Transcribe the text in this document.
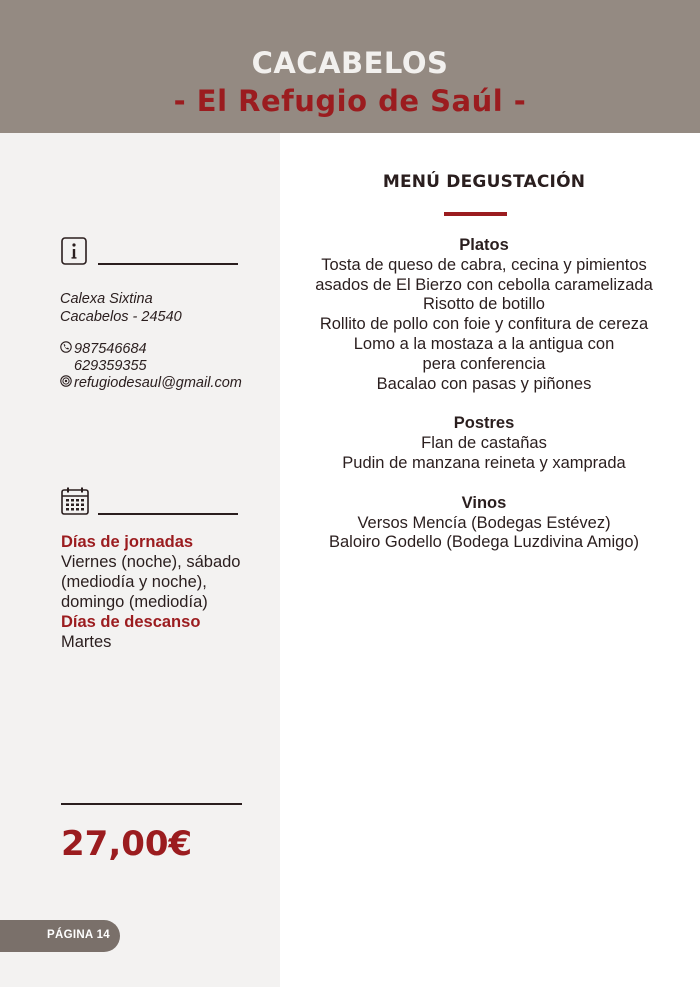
CACABELOS
- El Refugio de Saúl -
Calexa Sixtina
Cacabelos - 24540
987546684
629359355
refugiodesaul@gmail.com
Días de jornadas
Viernes (noche), sábado (mediodía y noche), domingo (mediodía)
Días de descanso
Martes
27,00€
PÁGINA 14
MENÚ DEGUSTACIÓN
Platos
Tosta de queso de cabra, cecina y pimientos asados de El Bierzo con cebolla caramelizada
Risotto de botillo
Rollito de pollo con foie y confitura de cereza
Lomo a la mostaza a la antigua con pera conferencia
Bacalao con pasas y piñones
Postres
Flan de castañas
Pudin de manzana reineta y xamprada
Vinos
Versos Mencía (Bodegas Estévez)
Baloiro Godello (Bodega Luzdivina Amigo)
